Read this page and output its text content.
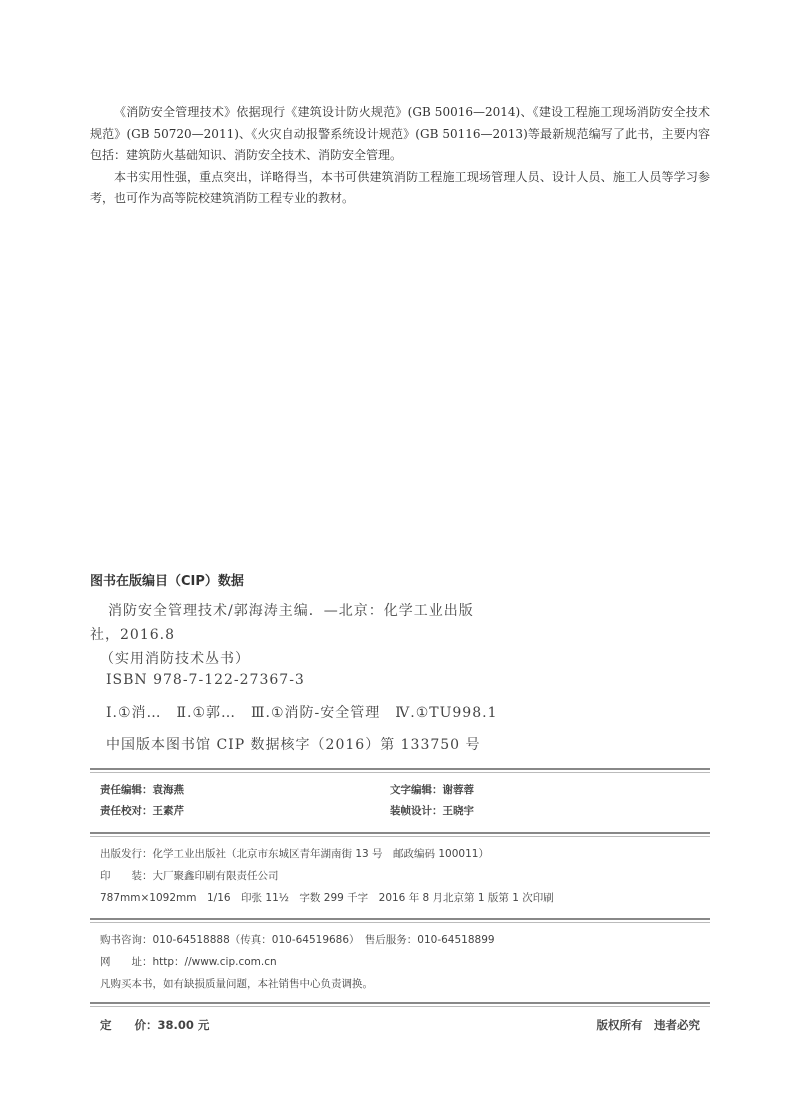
《消防安全管理技术》依据现行《建筑设计防火规范》(GB 50016—2014)、《建设工程施工现场消防安全技术规范》(GB 50720—2011)、《火灾自动报警系统设计规范》(GB 50116—2013)等最新规范编写了此书，主要内容包括：建筑防火基础知识、消防安全技术、消防安全管理。

本书实用性强，重点突出，详略得当，本书可供建筑消防工程施工现场管理人员、设计人员、施工人员等学习参考，也可作为高等院校建筑消防工程专业的教材。

图书在版编目（CIP）数据
消防安全管理技术/郭海涛主编．—北京：化学工业出版
社，2016.8
（实用消防技术丛书）
ISBN 978-7-122-27367-3
Ⅰ.①消…　Ⅱ.①郭…　Ⅲ.①消防-安全管理　Ⅳ.①TU998.1
中国版本图书馆 CIP 数据核字（2016）第 133750 号
责任编辑：袁海燕	文字编辑：谢蓉蓉
责任校对：王素芹	装帧设计：王晓宇
出版发行：化学工业出版社（北京市东城区青年湖南街 13 号　邮政编码 100011）
印　　装：大厂聚鑫印刷有限责任公司
787mm×1092mm　1/16　印张 11½　字数 299 千字　2016 年 8 月北京第 1 版第 1 次印刷
购书咨询：010-64518888（传真：010-64519686）　售后服务：010-64518899
网　　址：http：//www.cip.com.cn
凡购买本书，如有缺损质量问题，本社销售中心负责调换。
定　　价：38.00 元	版权所有　违者必究
